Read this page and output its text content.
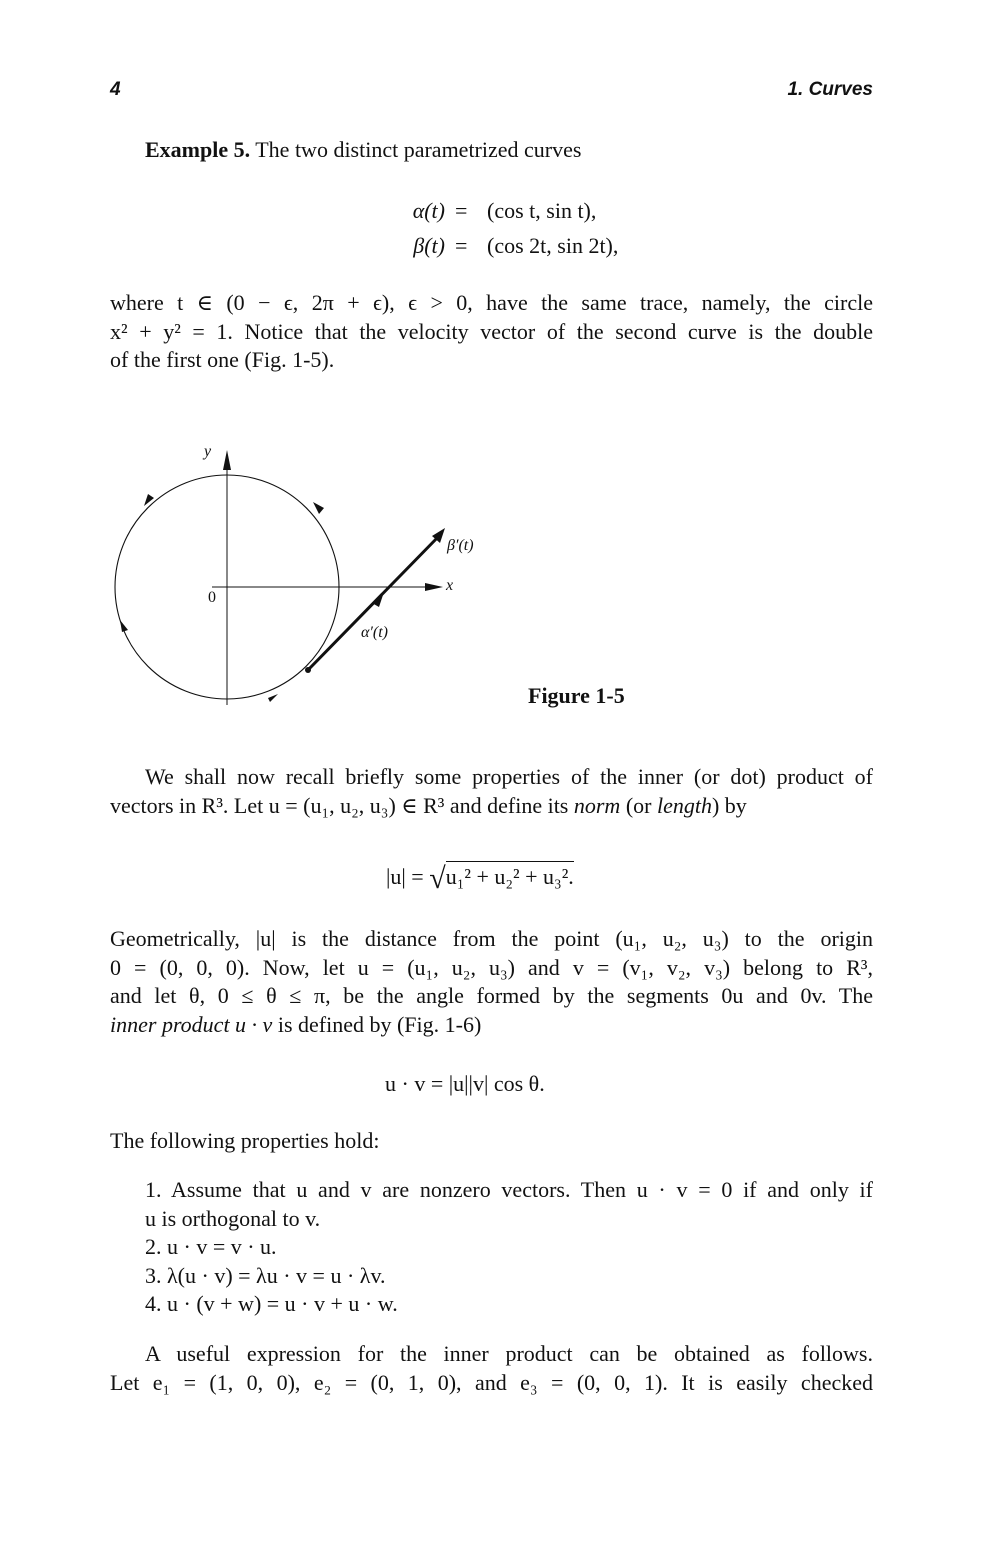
4	1. Curves
Example 5. The two distinct parametrized curves
α(t) = (cos t, sin t),
β(t) = (cos 2t, sin 2t),
where t ∈ (0 − ϵ, 2π + ϵ), ϵ > 0, have the same trace, namely, the circle
x² + y² = 1. Notice that the velocity vector of the second curve is the double
of the first one (Fig. 1-5).
y
x
0
β′(t)
α′(t)
Figure 1-5
We shall now recall briefly some properties of the inner (or dot) product of
vectors in R³. Let u = (u₁, u₂, u₃) ∈ R³ and define its norm (or length) by
|u| = √u₁² + u₂² + u₃².
Geometrically, |u| is the distance from the point (u₁, u₂, u₃) to the origin
0 = (0, 0, 0). Now, let u = (u₁, u₂, u₃) and v = (v₁, v₂, v₃) belong to R³,
and let θ, 0 ≤ θ ≤ π, be the angle formed by the segments 0u and 0v. The
inner product u · v is defined by (Fig. 1-6)
u · v = |u||v| cos θ.
The following properties hold:
1. Assume that u and v are nonzero vectors. Then u · v = 0 if and only if
u is orthogonal to v.
2. u · v = v · u.
3. λ(u · v) = λu · v = u · λv.
4. u · (v + w) = u · v + u · w.
A useful expression for the inner product can be obtained as follows.
Let e₁ = (1, 0, 0), e₂ = (0, 1, 0), and e₃ = (0, 0, 1). It is easily checked
